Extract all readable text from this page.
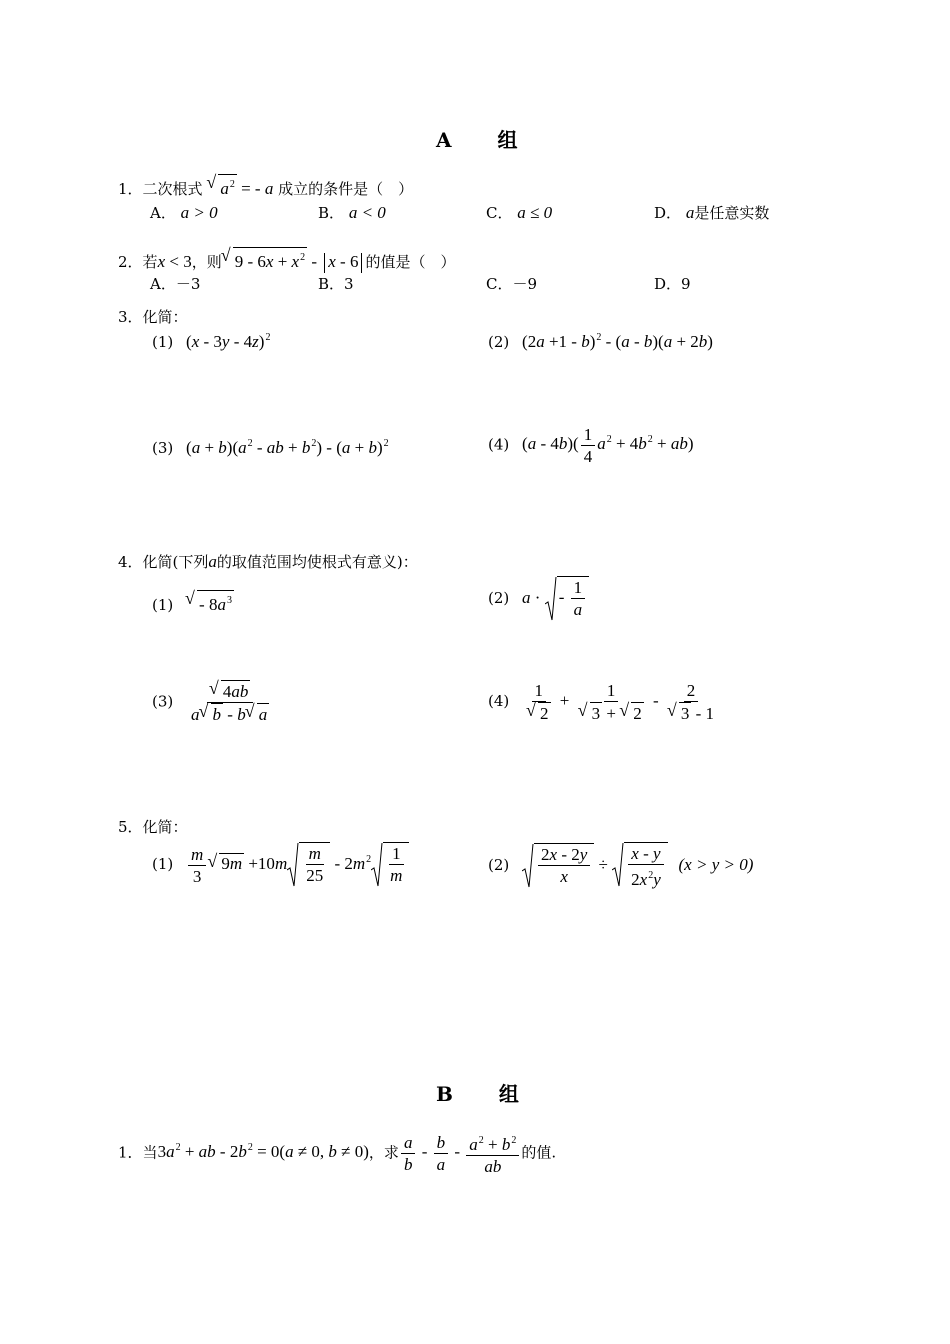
A 组
1．二次根式 √ $a^2$ = - a 成立的条件是（　）
A． a > 0	B． a < 0	C． a ≤ 0	D． a是任意实数
2．若x < 3，则 √ $9 - 6x + x^2 - x - 6$ 的值是（　）
A．－3	B．3	C．－9	D．9
3．化简：
(1) (x - 3y - 4z)$^2$	(2) $(2a +1 - b)^2 - (a - b)(a + 2b)$
(3) $(a + b)(a^2$ - ab + $b^2) - (a + b)^2$	(4) $(a - 4b)( \frac{1}{4} a^2 + 4b^2 + ab)$
4．化简(下列a的取值范围均使根式有意义)：
(1) √ - $8a^3$	(2) a · - $\frac{1}{a}$
(3) √ $\frac{4ab}{a √ b - b √ a}$	(4) 1
√ 2 + 1
√ 3 + √ 2 - 2
√ 3 - 1
5．化简：
$(1) \frac{m}{3}$ √ $9m +10m \frac{m}{25} - 2m^2 \frac{1}{m}$	$(2) \frac{2x - 2y}{x} \div \frac{x - y}{2x^2y} (x > y > 0)$
B 组
1．当$3a^2$ + ab - $2b^2 = 0(a \ne 0$, b ≠ 0)，求 $\frac{a}{b} - \frac{b}{a} - \frac{a^2 + b^2}{ab}$ 的值.
